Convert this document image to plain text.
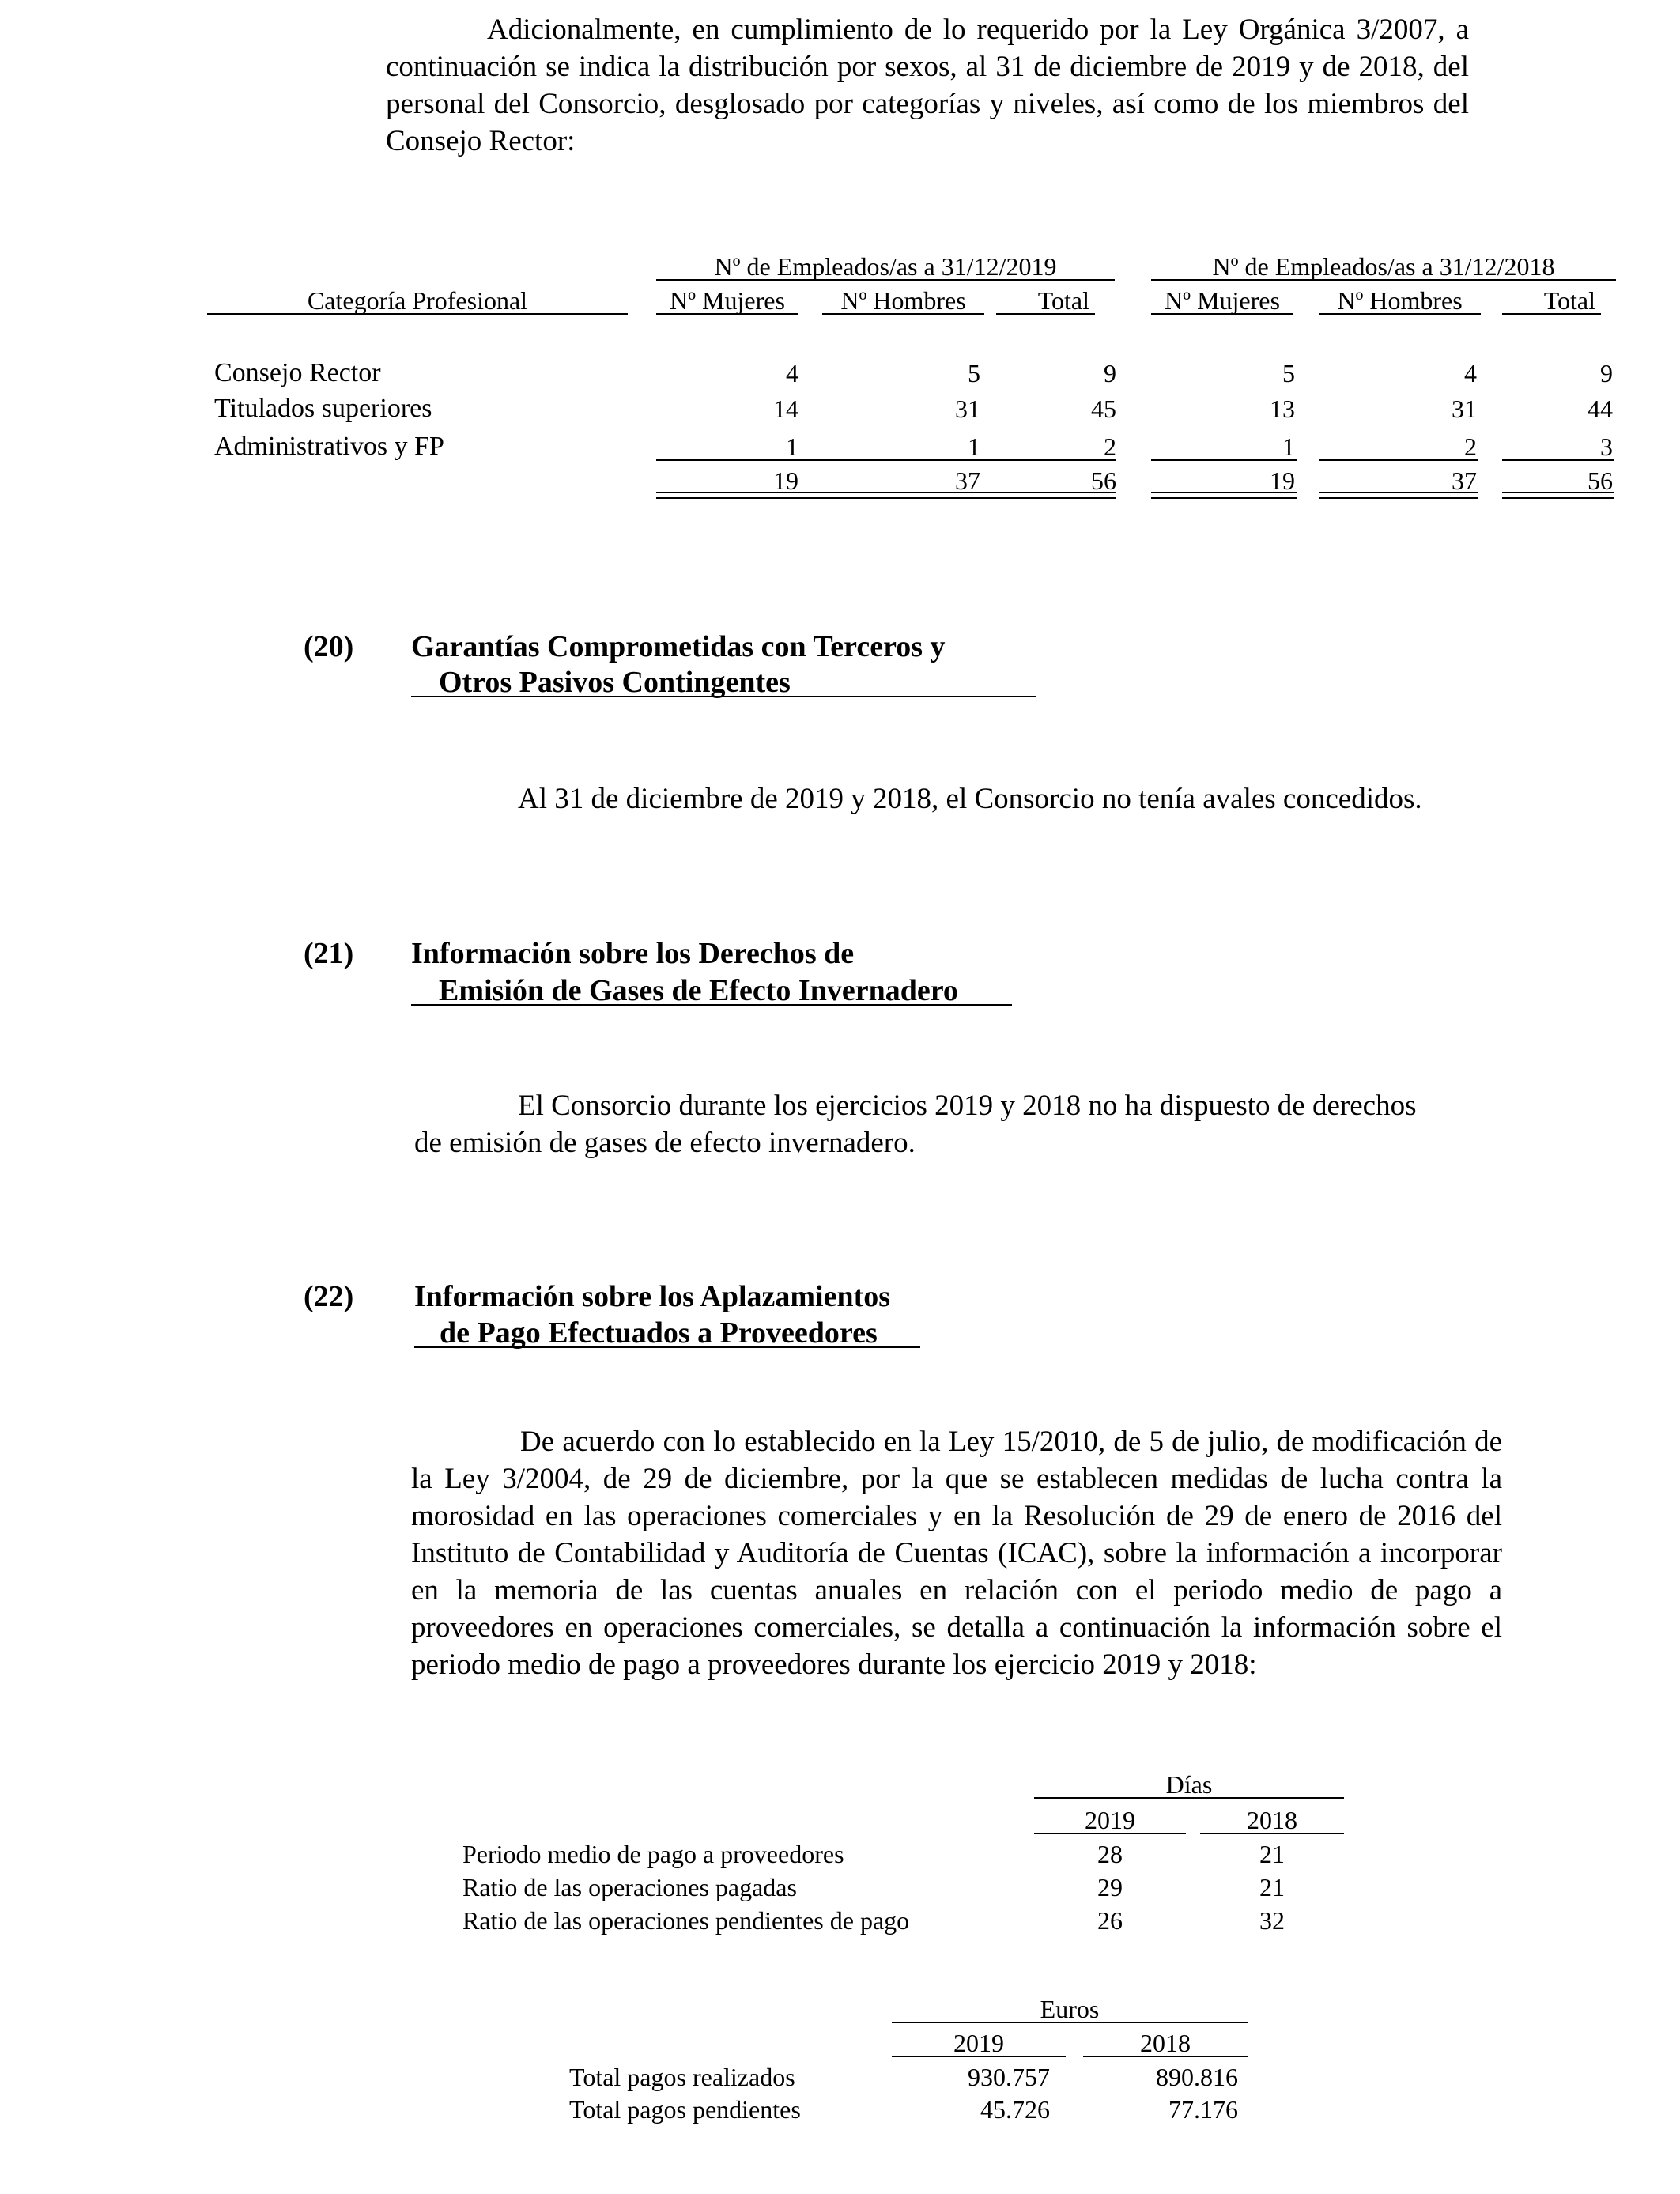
Adicionalmente, en cumplimiento de lo requerido por la Ley Orgánica 3/2007, a continuación se indica la distribución por sexos, al 31 de diciembre de 2019 y de 2018, del personal del Consorcio, desglosado por categorías y niveles, así como de los miembros del Consejo Rector:
Nº de Empleados/as a 31/12/2019	Nº de Empleados/as a 31/12/2018
Categoría Profesional	Nº Mujeres	Nº Hombres	Total	Nº Mujeres	Nº Hombres	Total
Consejo Rector	4	5	9	5	4	9
Titulados superiores	14	31	45	13	31	44
Administrativos y FP	1	1	2	1	2	3
19	37	56	19	37	56
(20) Garantías Comprometidas con Terceros y
Otros Pasivos Contingentes
Al 31 de diciembre de 2019 y 2018, el Consorcio no tenía avales concedidos.
(21) Información sobre los Derechos de
Emisión de Gases de Efecto Invernadero
El Consorcio durante los ejercicios 2019 y 2018 no ha dispuesto de derechos
de emisión de gases de efecto invernadero.
(22) Información sobre los Aplazamientos
de Pago Efectuados a Proveedores
De acuerdo con lo establecido en la Ley 15/2010, de 5 de julio, de modificación de la Ley 3/2004, de 29 de diciembre, por la que se establecen medidas de lucha contra la morosidad en las operaciones comerciales y en la Resolución de 29 de enero de 2016 del Instituto de Contabilidad y Auditoría de Cuentas (ICAC), sobre la información a incorporar en la memoria de las cuentas anuales en relación con el periodo medio de pago a proveedores en operaciones comerciales, se detalla a continuación la información sobre el periodo medio de pago a proveedores durante los ejercicio 2019 y 2018:
Días
2019	2018
Periodo medio de pago a proveedores	28	21
Ratio de las operaciones pagadas	29	21
Ratio de las operaciones pendientes de pago	26	32
Euros
2019	2018
Total pagos realizados	930.757	890.816
Total pagos pendientes	45.726	77.176
